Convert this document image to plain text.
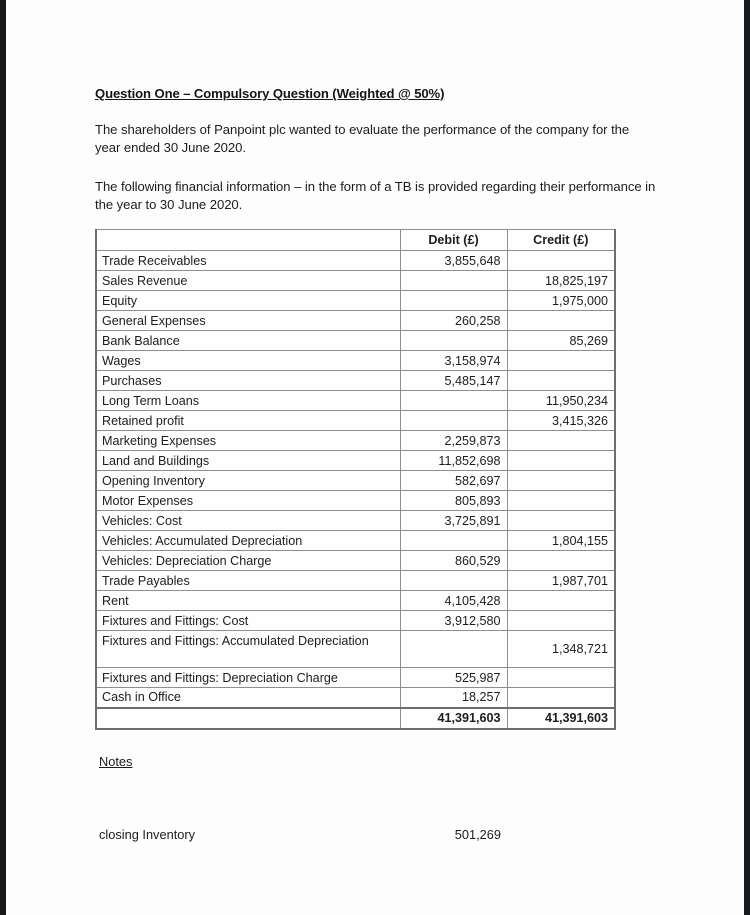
Question One – Compulsory Question (Weighted @ 50%)

The shareholders of Panpoint plc wanted to evaluate the performance of the company for the year ended 30 June 2020.

The following financial information – in the form of a TB is provided regarding their performance in the year to 30 June 2020.

	Debit (£)	Credit (£)
Trade Receivables	3,855,648	
Sales Revenue		18,825,197
Equity		1,975,000
General Expenses	260,258	
Bank Balance		85,269
Wages	3,158,974	
Purchases	5,485,147	
Long Term Loans		11,950,234
Retained profit		3,415,326
Marketing Expenses	2,259,873	
Land and Buildings	11,852,698	
Opening Inventory	582,697	
Motor Expenses	805,893	
Vehicles: Cost	3,725,891	
Vehicles: Accumulated Depreciation		1,804,155
Vehicles: Depreciation Charge	860,529	
Trade Payables		1,987,701
Rent	4,105,428	
Fixtures and Fittings: Cost	3,912,580	
Fixtures and Fittings: Accumulated Depreciation		1,348,721
Fixtures and Fittings: Depreciation Charge	525,987	
Cash in Office	18,257	
	41,391,603	41,391,603
Notes
closing Inventory	501,269
